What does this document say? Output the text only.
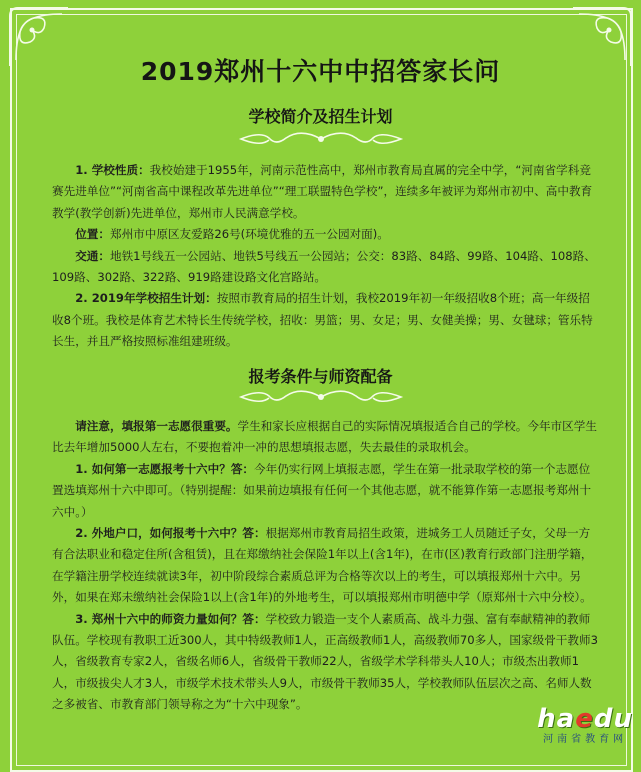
2019郑州十六中中招答家长问
学校简介及招生计划

1. 学校性质：我校始建于1955年，河南示范性高中，郑州市教育局直属的完全中学，“河南省学科竞赛先进单位”“河南省高中课程改革先进单位”“理工联盟特色学校”，连续多年被评为郑州市初中、高中教育教学(教学创新)先进单位，郑州市人民满意学校。

位置：郑州市中原区友爱路26号(环境优雅的五一公园对面)。

交通：地铁1号线五一公园站、地铁5号线五一公园站；公交：83路、84路、99路、104路、108路、109路、302路、322路、919路建设路文化宫路站。

2. 2019年学校招生计划：按照市教育局的招生计划，我校2019年初一年级招收8个班；高一年级招收8个班。我校是体育艺术特长生传统学校，招收：男篮；男、女足；男、女健美操；男、女毽球；管乐特长生，并且严格按照标准组建班级。

报考条件与师资配备

请注意，填报第一志愿很重要。学生和家长应根据自己的实际情况填报适合自己的学校。今年市区学生比去年增加5000人左右，不要抱着冲一冲的思想填报志愿，失去最佳的录取机会。

1. 如何第一志愿报考十六中？答：今年仍实行网上填报志愿，学生在第一批录取学校的第一个志愿位置选填郑州十六中即可。（特别提醒：如果前边填报有任何一个其他志愿，就不能算作第一志愿报考郑州十六中。）

2. 外地户口，如何报考十六中？答：根据郑州市教育局招生政策，进城务工人员随迁子女，父母一方有合法职业和稳定住所(含租赁)，且在郑缴纳社会保险1年以上(含1年)，在市(区)教育行政部门注册学籍，在学籍注册学校连续就读3年，初中阶段综合素质总评为合格等次以上的考生，可以填报郑州十六中。另外，如果在郑未缴纳社会保险1以上(含1年)的外地考生，可以填报郑州市明德中学（原郑州十六中分校）。

3. 郑州十六中的师资力量如何？答：学校致力锻造一支个人素质高、战斗力强、富有奉献精神的教师队伍。学校现有教职工近300人，其中特级教师1人，正高级教师1人，高级教师70多人，国家级骨干教师3人，省级教育专家2人，省级名师6人，省级骨干教师22人，省级学术学科带头人10人；市级杰出教师1人，市级拔尖人才3人，市级学术技术带头人9人，市级骨干教师35人，学校教师队伍层次之高、名师人数之多被省、市教育部门领导称之为“十六中现象”。	haedu
河南省教育网
